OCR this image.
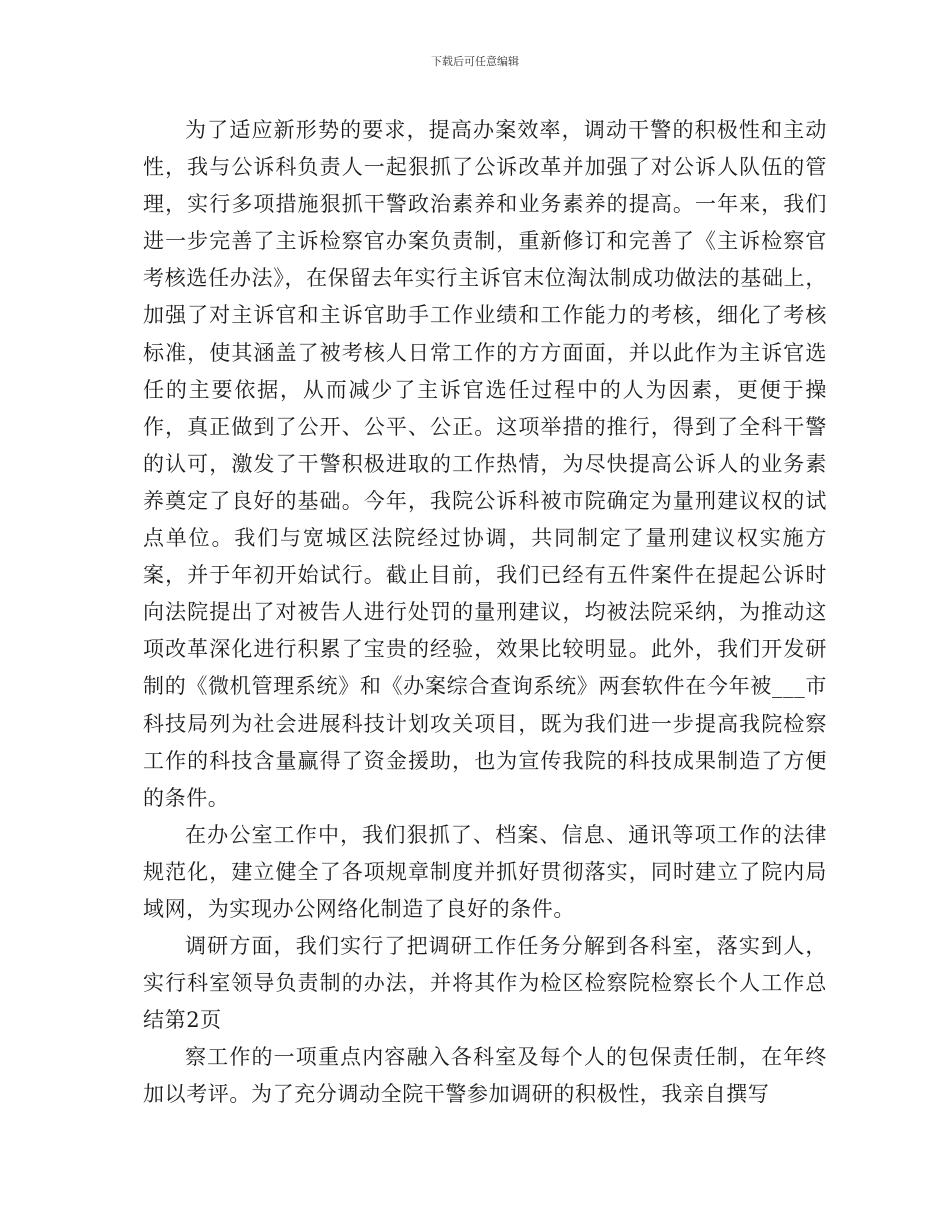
下载后可任意编辑

为了适应新形势的要求，提高办案效率，调动干警的积极性和主动性，我与公诉科负责人一起狠抓了公诉改革并加强了对公诉人队伍的管理，实行多项措施狠抓干警政治素养和业务素养的提高。一年来，我们进一步完善了主诉检察官办案负责制，重新修订和完善了《主诉检察官考核选任办法》，在保留去年实行主诉官末位淘汰制成功做法的基础上，加强了对主诉官和主诉官助手工作业绩和工作能力的考核，细化了考核标准，使其涵盖了被考核人日常工作的方方面面，并以此作为主诉官选任的主要依据，从而减少了主诉官选任过程中的人为因素，更便于操作，真正做到了公开、公平、公正。这项举措的推行，得到了全科干警的认可，激发了干警积极进取的工作热情，为尽快提高公诉人的业务素养奠定了良好的基础。今年，我院公诉科被市院确定为量刑建议权的试点单位。我们与宽城区法院经过协调，共同制定了量刑建议权实施方案，并于年初开始试行。截止目前，我们已经有五件案件在提起公诉时向法院提出了对被告人进行处罚的量刑建议，均被法院采纳，为推动这项改革深化进行积累了宝贵的经验，效果比较明显。此外，我们开发研制的《微机管理系统》和《办案综合查询系统》两套软件在今年被___市科技局列为社会进展科技计划攻关项目，既为我们进一步提高我院检察工作的科技含量赢得了资金援助，也为宣传我院的科技成果制造了方便的条件。

在办公室工作中，我们狠抓了、档案、信息、通讯等项工作的法律规范化，建立健全了各项规章制度并抓好贯彻落实，同时建立了院内局域网，为实现办公网络化制造了良好的条件。

调研方面，我们实行了把调研工作任务分解到各科室，落实到人，实行科室领导负责制的办法，并将其作为检区检察院检察长个人工作总结第2页

察工作的一项重点内容融入各科室及每个人的包保责任制，在年终加以考评。为了充分调动全院干警参加调研的积极性，我亲自撰写
